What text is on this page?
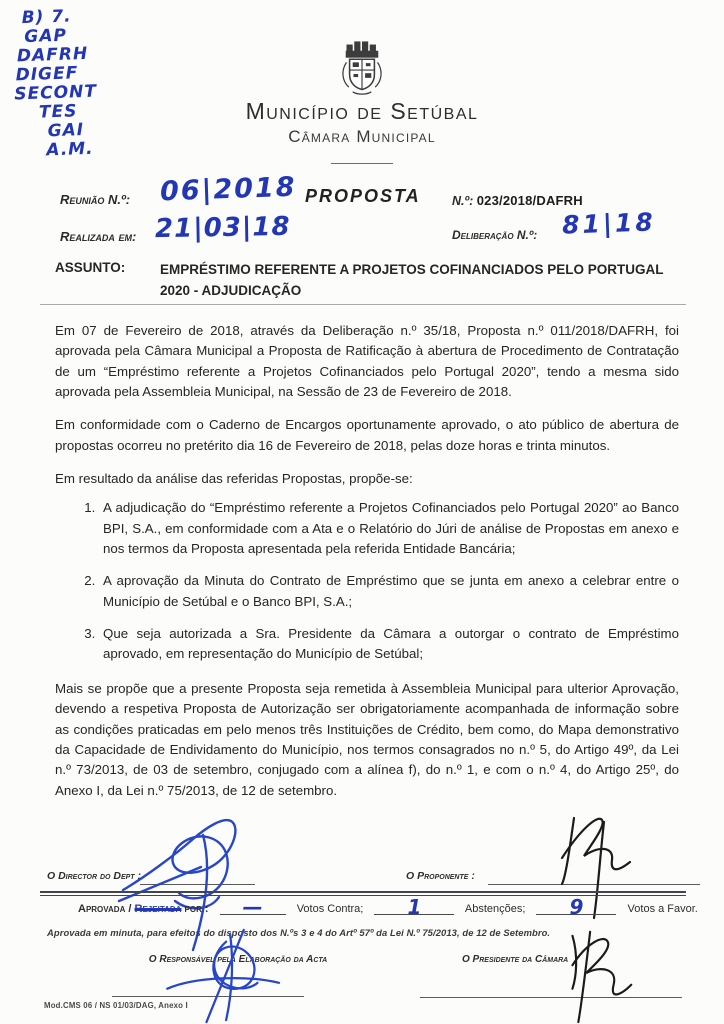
B) 7.
GAP
DAFRH
DIGEF
SECONT
TES
GAI
A.M.
Município de Setúbal
Câmara Municipal
Reunião N.º: 06|2018
Realizada em: 21|03|18
PROPOSTA	N.º: 023/2018/DAFRH
Deliberação N.º: 81|18
ASSUNTO:	EMPRÉSTIMO REFERENTE A PROJETOS COFINANCIADOS PELO PORTUGAL 2020 - ADJUDICAÇÃO

Em 07 de Fevereiro de 2018, através da Deliberação n.º 35/18, Proposta n.º 011/2018/DAFRH, foi aprovada pela Câmara Municipal a Proposta de Ratificação à abertura de Procedimento de Contratação de um “Empréstimo referente a Projetos Cofinanciados pelo Portugal 2020”, tendo a mesma sido aprovada pela Assembleia Municipal, na Sessão de 23 de Fevereiro de 2018.

Em conformidade com o Caderno de Encargos oportunamente aprovado, o ato público de abertura de propostas ocorreu no pretérito dia 16 de Fevereiro de 2018, pelas doze horas e trinta minutos.

Em resultado da análise das referidas Propostas, propõe-se:

1. A adjudicação do “Empréstimo referente a Projetos Cofinanciados pelo Portugal 2020” ao Banco BPI, S.A., em conformidade com a Ata e o Relatório do Júri de análise de Propostas em anexo e nos termos da Proposta apresentada pela referida Entidade Bancária;
2. A aprovação da Minuta do Contrato de Empréstimo que se junta em anexo a celebrar entre o Município de Setúbal e o Banco BPI, S.A.;
3. Que seja autorizada a Sra. Presidente da Câmara a outorgar o contrato de Empréstimo aprovado, em representação do Município de Setúbal;

Mais se propõe que a presente Proposta seja remetida à Assembleia Municipal para ulterior Aprovação, devendo a respetiva Proposta de Autorização ser obrigatoriamente acompanhada de informação sobre as condições praticadas em pelo menos três Instituições de Crédito, bem como, do Mapa demonstrativo da Capacidade de Endividamento do Município, nos termos consagrados no n.º 5, do Artigo 49º, da Lei n.º 73/2013, de 03 de setembro, conjugado com a alínea f), do n.º 1, e com o n.º 4, do Artigo 25º, do Anexo I, da Lei n.º 75/2013, de 12 de setembro.

O Director do Dept :	O Proponente :
Aprovada / Rejeitada por :	—	Votos Contra;	1	Abstenções;	9	Votos a Favor.
Aprovada em minuta, para efeitos do disposto dos N.ºs 3 e 4 do Artº 57º da Lei N.º 75/2013, de 12 de Setembro.
O Responsável pela Elaboração da Acta	O Presidente da Câmara
Mod.CMS 06 / NS 01/03/DAG, Anexo I
